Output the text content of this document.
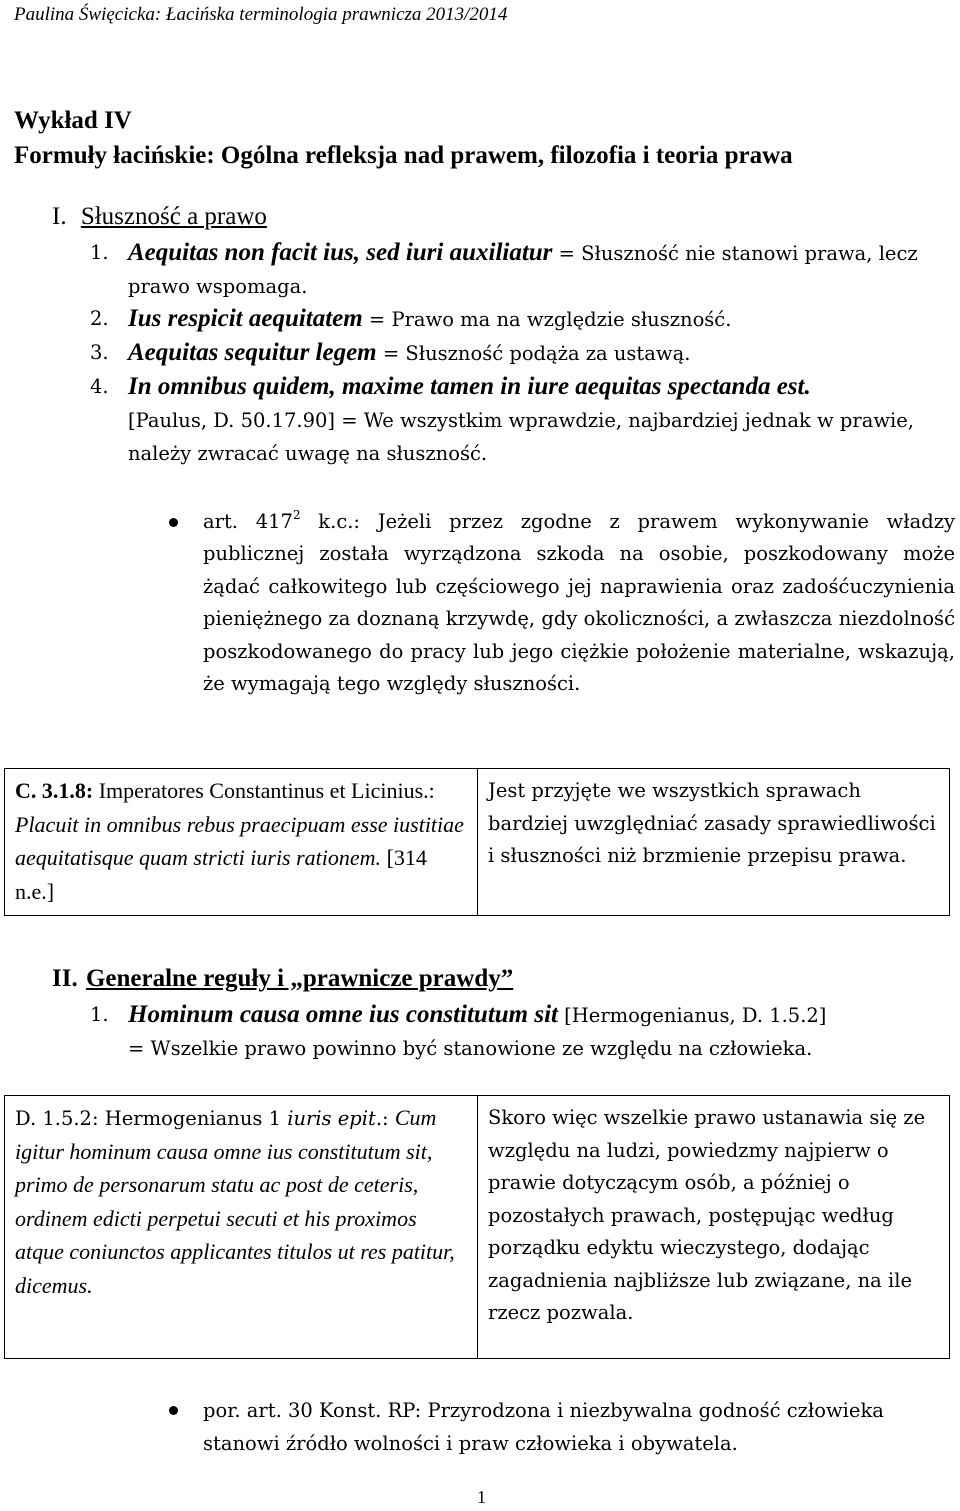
Paulina Święcicka: Łacińska terminologia prawnicza 2013/2014
Wykład IV
Formuły łacińskie: Ogólna refleksja nad prawem, filozofia i teoria prawa
I. Słuszność a prawo
1. Aequitas non facit ius, sed iuri auxiliatur = Słuszność nie stanowi prawa, lecz prawo wspomaga.
2. Ius respicit aequitatem = Prawo ma na względzie słuszność.
3. Aequitas sequitur legem = Słuszność podąża za ustawą.
4. In omnibus quidem, maxime tamen in iure aequitas spectanda est.
[Paulus, D. 50.17.90] = We wszystkim wprawdzie, najbardziej jednak w prawie, należy zwracać uwagę na słuszność.
art. $417^2$ k.c.: Jeżeli przez zgodne z prawem wykonywanie władzy publicznej została wyrządzona szkoda na osobie, poszkodowany może żądać całkowitego lub częściowego jej naprawienia oraz zadośćuczynienia pieniężnego za doznaną krzywdę, gdy okoliczności, a zwłaszcza niezdolność poszkodowanego do pracy lub jego ciężkie położenie materialne, wskazują, że wymagają tego względy słuszności.
C. 3.1.8: Imperatores Constantinus et Licinius.: Placuit in omnibus rebus praecipuam esse iustitiae aequitatisque quam stricti iuris rationem. [314 n.e.]	Jest przyjęte we wszystkich sprawach bardziej uwzględniać zasady sprawiedliwości i słuszności niż brzmienie przepisu prawa.
II. Generalne reguły i „prawnicze prawdy”
1. Hominum causa omne ius constitutum sit [Hermogenianus, D. 1.5.2]
= Wszelkie prawo powinno być stanowione ze względu na człowieka.
D. 1.5.2: Hermogenianus 1 iuris epit.: Cum igitur hominum causa omne ius constitutum sit, primo de personarum statu ac post de ceteris, ordinem edicti perpetui secuti et his proximos atque coniunctos applicantes titulos ut res patitur, dicemus.	Skoro więc wszelkie prawo ustanawia się ze względu na ludzi, powiedzmy najpierw o prawie dotyczącym osób, a później o pozostałych prawach, postępując według porządku edyktu wieczystego, dodając zagadnienia najbliższe lub związane, na ile rzecz pozwala.
por. art. 30 Konst. RP: Przyrodzona i niezbywalna godność człowieka stanowi źródło wolności i praw człowieka i obywatela.
1
